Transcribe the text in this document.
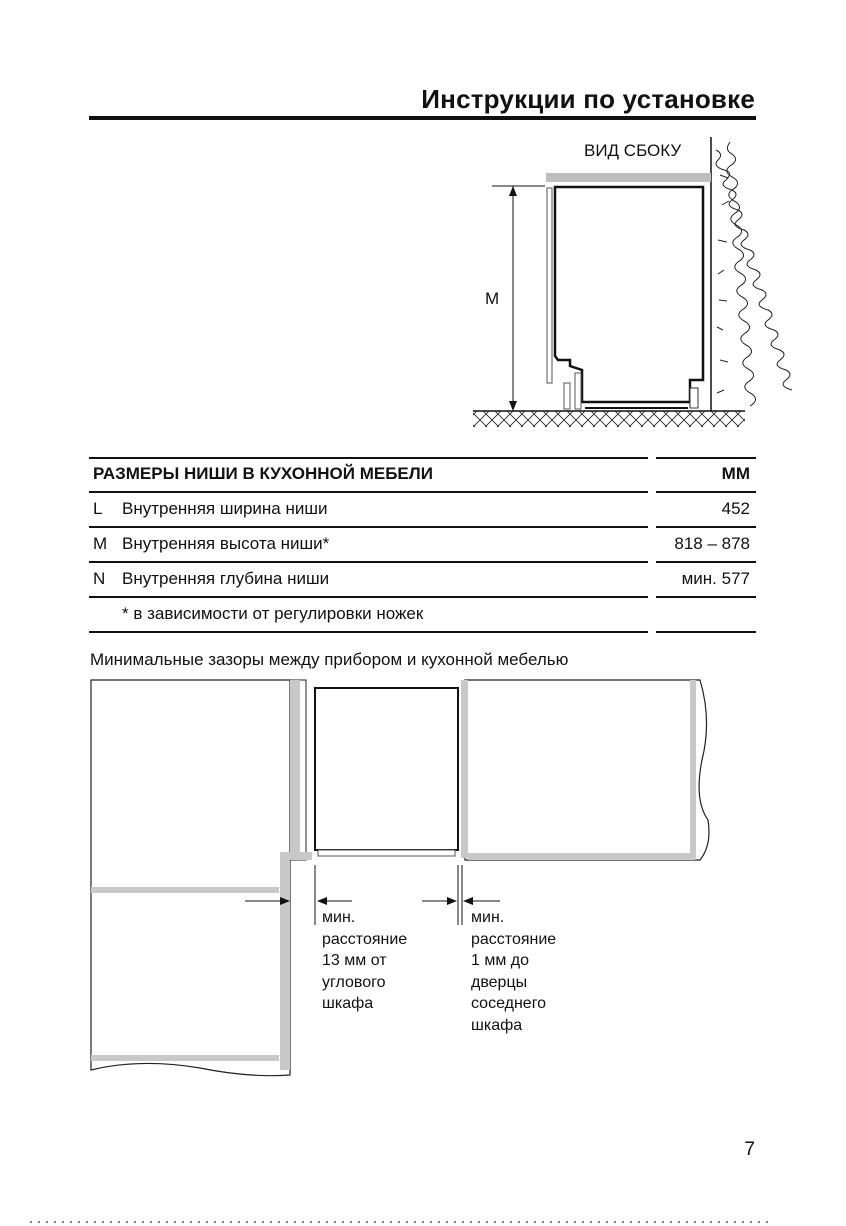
Инструкции по установке
ВИД СБОКУ
M
РАЗМЕРЫ НИШИ В КУХОННОЙ МЕБЕЛИ	ММ
L Внутренняя ширина ниши	452
M Внутренняя высота ниши*	818 – 878
N Внутренняя глубина ниши	мин. 577
* в зависимости от регулировки ножек
Минимальные зазоры между прибором и кухонной мебелью
мин.
расстояние
13 мм от
углового
шкафа
мин.
расстояние
1 мм до
дверцы
соседнего
шкафа
7
